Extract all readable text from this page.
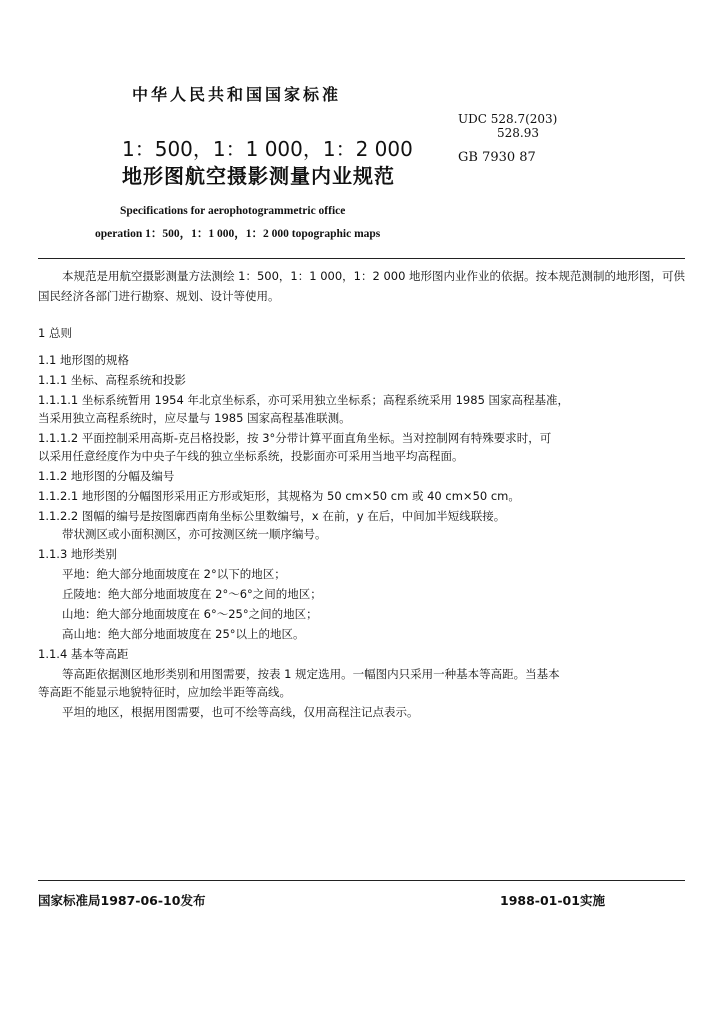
中华人民共和国国家标准
UDC 528.7(203)
528.93
GB 7930 87
1：500，1：1 000，1：2 000
地形图航空摄影测量内业规范
Specifications for aerophotogrammetric office
operation 1：500，1：1 000，1：2 000 topographic maps
本规范是用航空摄影测量方法测绘 1：500，1：1 000，1：2 000 地形图内业作业的依据。按本规范测制的地形图，可供国民经济各部门进行勘察、规划、设计等使用。
1 总则
1.1 地形图的规格
1.1.1 坐标、高程系统和投影
1.1.1.1 坐标系统暂用 1954 年北京坐标系，亦可采用独立坐标系；高程系统采用 1985 国家高程基准，
当采用独立高程系统时，应尽量与 1985 国家高程基准联测。
1.1.1.2 平面控制采用高斯-克吕格投影，按 3°分带计算平面直角坐标。当对控制网有特殊要求时，可
以采用任意经度作为中央子午线的独立坐标系统，投影面亦可采用当地平均高程面。
1.1.2 地形图的分幅及编号
1.1.2.1 地形图的分幅图形采用正方形或矩形，其规格为 50 cm×50 cm 或 40 cm×50 cm。
1.1.2.2 图幅的编号是按图廓西南角坐标公里数编号，x 在前，y 在后，中间加半短线联接。
带状测区或小面积测区，亦可按测区统一顺序编号。
1.1.3 地形类别
平地：绝大部分地面坡度在 2°以下的地区；
丘陵地：绝大部分地面坡度在 2°～6°之间的地区；
山地：绝大部分地面坡度在 6°～25°之间的地区；
高山地：绝大部分地面坡度在 25°以上的地区。
1.1.4 基本等高距
等高距依据测区地形类别和用图需要，按表 1 规定选用。一幅图内只采用一种基本等高距。当基本
等高距不能显示地貌特征时，应加绘半距等高线。
平坦的地区，根据用图需要，也可不绘等高线，仅用高程注记点表示。
国家标准局1987-06-10发布	1988-01-01实施
